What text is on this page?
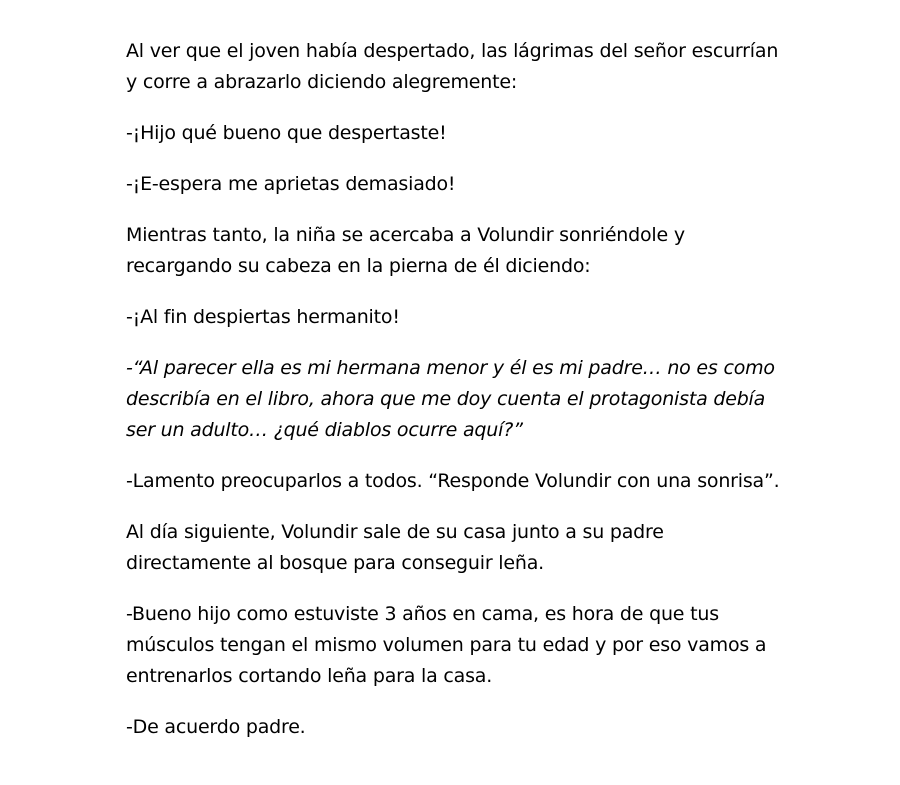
Al ver que el joven había despertado, las lágrimas del señor escurrían y corre a abrazarlo diciendo alegremente:

-¡Hijo qué bueno que despertaste!

-¡E-espera me aprietas demasiado!

Mientras tanto, la niña se acercaba a Volundir sonriéndole y recargando su cabeza en la pierna de él diciendo:

-¡Al fin despiertas hermanito!

-“Al parecer ella es mi hermana menor y él es mi padre… no es como describía en el libro, ahora que me doy cuenta el protagonista debía ser un adulto… ¿qué diablos ocurre aquí?”

-Lamento preocuparlos a todos. “Responde Volundir con una sonrisa”.

Al día siguiente, Volundir sale de su casa junto a su padre directamente al bosque para conseguir leña.

-Bueno hijo como estuviste 3 años en cama, es hora de que tus músculos tengan el mismo volumen para tu edad y por eso vamos a entrenarlos cortando leña para la casa.

-De acuerdo padre.
